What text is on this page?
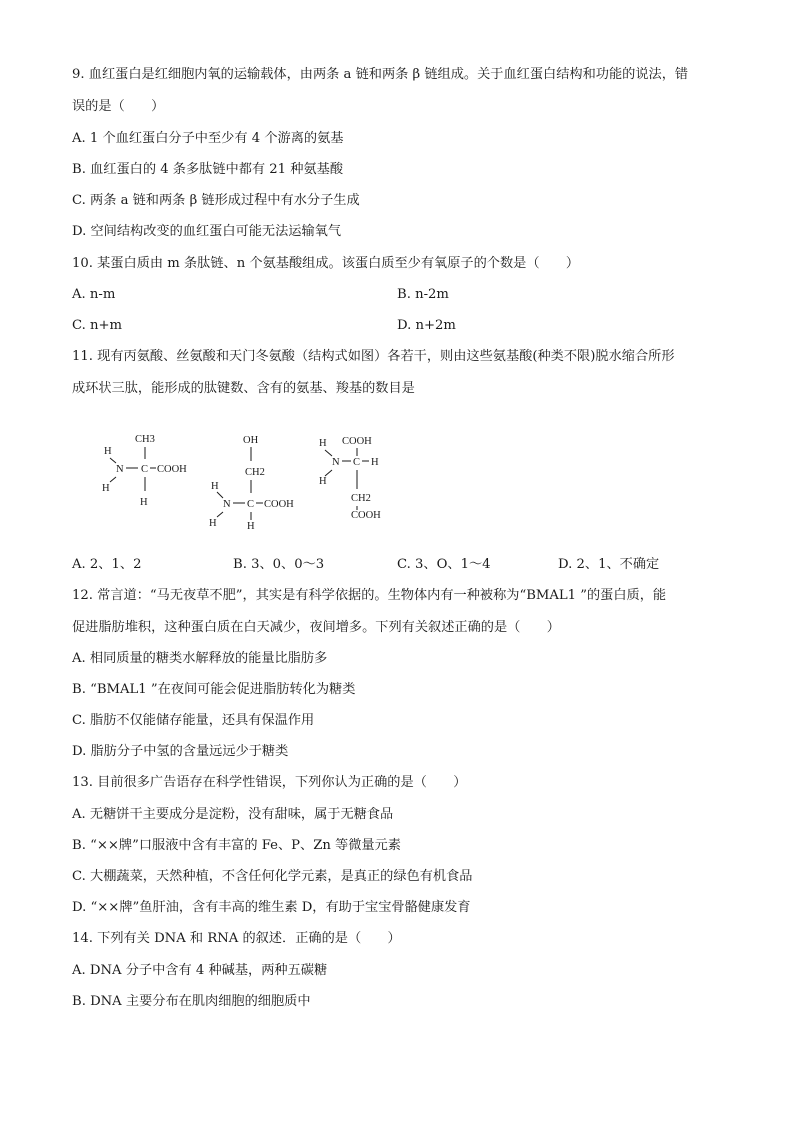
9. 血红蛋白是红细胞内氧的运输载体，由两条 a 链和两条 β 链组成。关于血红蛋白结构和功能的说法，错
误的是（　　）
A. 1 个血红蛋白分子中至少有 4 个游离的氨基
B. 血红蛋白的 4 条多肽链中都有 21 种氨基酸
C. 两条 a 链和两条 β 链形成过程中有水分子生成
D. 空间结构改变的血红蛋白可能无法运输氧气
10. 某蛋白质由 m 条肽链、n 个氨基酸组成。该蛋白质至少有氧原子的个数是（　　）
A. n-m	B. n-2m
C. n+m	D. n+2m
11. 现有丙氨酸、丝氨酸和天门冬氨酸（结构式如图）各若干，则由这些氨基酸(种类不限)脱水缩合所形
成环状三肽，能形成的肽键数、含有的氨基、羧基的数目是
CH3
H
N C COOH
H
H
OH
CH2
H
N C COOH
H	H
H COOH
N C H
H
CH2
COOH
A. 2、1、2	B. 3、0、0～3	C. 3、O、1～4	D. 2、1、不确定
12. 常言道：“马无夜草不肥”，其实是有科学依据的。生物体内有一种被称为“BMAL1 ”的蛋白质，能
促进脂肪堆积，这种蛋白质在白天减少，夜间增多。下列有关叙述正确的是（　　）
A. 相同质量的糖类水解释放的能量比脂肪多
B. “BMAL1 ”在夜间可能会促进脂肪转化为糖类
C. 脂肪不仅能储存能量，还具有保温作用
D. 脂肪分子中氢的含量远远少于糖类
13. 目前很多广告语存在科学性错误，下列你认为正确的是（　　）
A. 无糖饼干主要成分是淀粉，没有甜味，属于无糖食品
B. “××牌”口服液中含有丰富的 Fe、P、Zn 等微量元素
C. 大棚蔬菜，天然种植，不含任何化学元素，是真正的绿色有机食品
D. “××牌”鱼肝油，含有丰高的维生素 D，有助于宝宝骨骼健康发育
14. 下列有关 DNA 和 RNA 的叙述．正确的是（　　）
A. DNA 分子中含有 4 种碱基，两种五碳糖
B. DNA 主要分布在肌肉细胞的细胞质中
